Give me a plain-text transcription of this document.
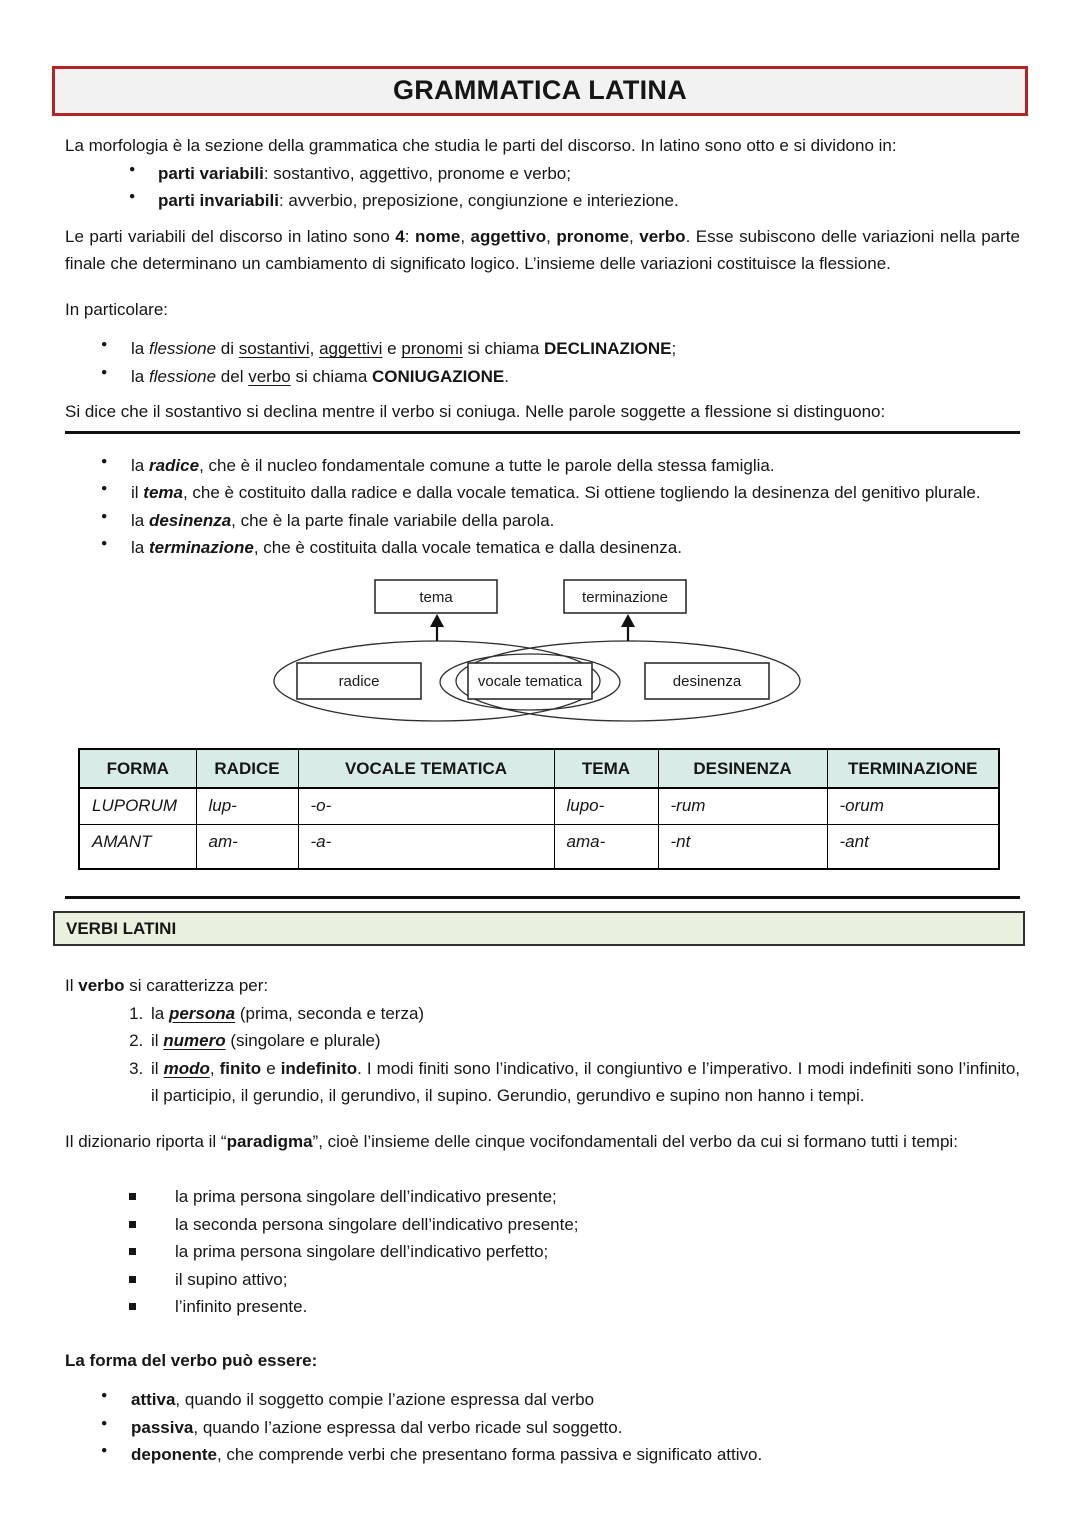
GRAMMATICA LATINA

La morfologia è la sezione della grammatica che studia le parti del discorso. In latino sono otto e si dividono in:

● parti variabili: sostantivo, aggettivo, pronome e verbo;
● parti invariabili: avverbio, preposizione, congiunzione e interiezione.

Le parti variabili del discorso in latino sono 4: nome, aggettivo, pronome, verbo. Esse subiscono delle variazioni nella parte finale che determinano un cambiamento di significato logico. L’insieme delle variazioni costituisce la flessione.

In particolare:

● la flessione di sostantivi, aggettivi e pronomi si chiama DECLINAZIONE;
● la flessione del verbo si chiama CONIUGAZIONE.

Si dice che il sostantivo si declina mentre il verbo si coniuga. Nelle parole soggette a flessione si distinguono:

● la radice, che è il nucleo fondamentale comune a tutte le parole della stessa famiglia.
● il tema, che è costituito dalla radice e dalla vocale tematica. Si ottiene togliendo la desinenza del genitivo plurale.
● la desinenza, che è la parte finale variabile della parola.
● la terminazione, che è costituita dalla vocale tematica e dalla desinenza.
tema	terminazione
radice	vocale tematica	desinenza
FORMA	RADICE	VOCALE TEMATICA	TEMA	DESINENZA	TERMINAZIONE
LUPORUM	lup-	-o-	lupo-	-rum	-orum
AMANT	am-	-a-	ama-	-nt	-ant
VERBI LATINI

Il verbo si caratterizza per:

1. la persona (prima, seconda e terza)
2. il numero (singolare e plurale)
3. il modo, finito e indefinito. I modi finiti sono l’indicativo, il congiuntivo e l’imperativo. I modi indefiniti sono l’infinito, il participio, il gerundio, il gerundivo, il supino. Gerundio, gerundivo e supino non hanno i tempi.

Il dizionario riporta il “paradigma”, cioè l’insieme delle cinque vocifondamentali del verbo da cui si formano tutti i tempi:

la prima persona singolare dell’indicativo presente;
la seconda persona singolare dell’indicativo presente;
la prima persona singolare dell’indicativo perfetto;
il supino attivo;
l’infinito presente.

La forma del verbo può essere:

● attiva, quando il soggetto compie l’azione espressa dal verbo
● passiva, quando l’azione espressa dal verbo ricade sul soggetto.
● deponente, che comprende verbi che presentano forma passiva e significato attivo.
